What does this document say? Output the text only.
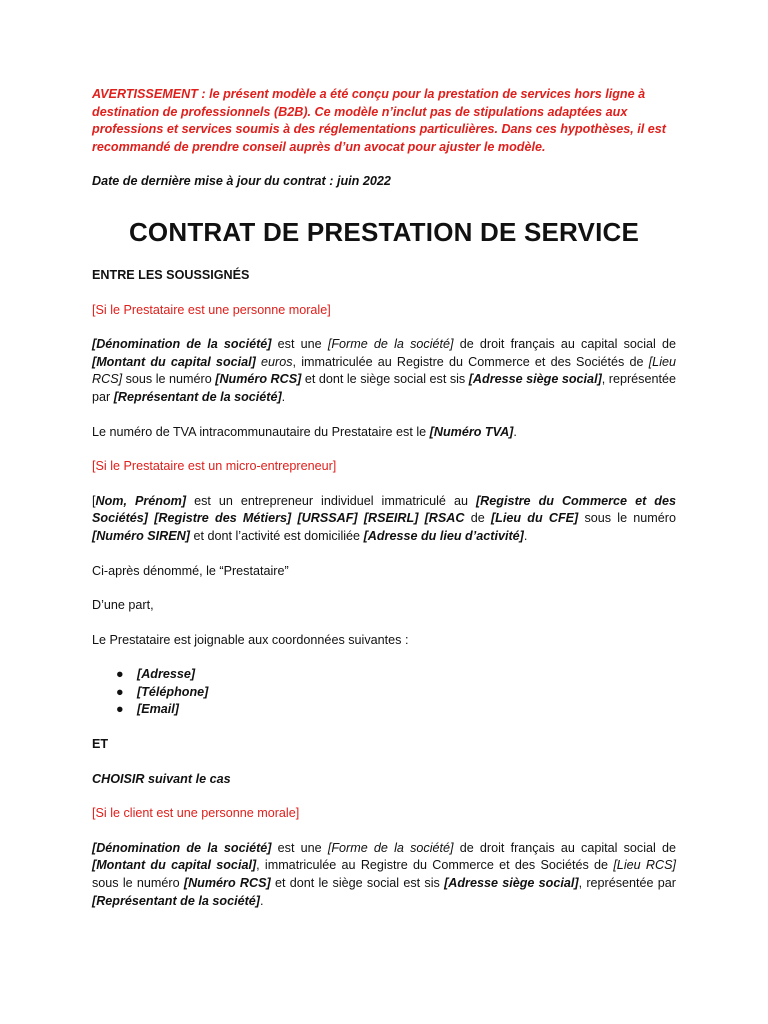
AVERTISSEMENT : le présent modèle a été conçu pour la prestation de services hors ligne à destination de professionnels (B2B). Ce modèle n’inclut pas de stipulations adaptées aux professions et services soumis à des réglementations particulières. Dans ces hypothèses, il est recommandé de prendre conseil auprès d’un avocat pour ajuster le modèle.

Date de dernière mise à jour du contrat : juin 2022

CONTRAT DE PRESTATION DE SERVICE

ENTRE LES SOUSSIGNÉS

[Si le Prestataire est une personne morale]

[Dénomination de la société] est une [Forme de la société] de droit français au capital social de [Montant du capital social] euros, immatriculée au Registre du Commerce et des Sociétés de [Lieu RCS] sous le numéro [Numéro RCS] et dont le siège social est sis [Adresse siège social], représentée par [Représentant de la société].

Le numéro de TVA intracommunautaire du Prestataire est le [Numéro TVA].

[Si le Prestataire est un micro-entrepreneur]

[Nom, Prénom] est un entrepreneur individuel immatriculé au [Registre du Commerce et des Sociétés] [Registre des Métiers] [URSSAF] [RSEIRL] [RSAC de [Lieu du CFE] sous le numéro [Numéro SIREN] et dont l’activité est domiciliée [Adresse du lieu d’activité].

Ci-après dénommé, le “Prestataire”

D’une part,

Le Prestataire est joignable aux coordonnées suivantes :

● [Adresse]
● [Téléphone]
● [Email]

ET

CHOISIR suivant le cas

[Si le client est une personne morale]

[Dénomination de la société] est une [Forme de la société] de droit français au capital social de [Montant du capital social], immatriculée au Registre du Commerce et des Sociétés de [Lieu RCS] sous le numéro [Numéro RCS] et dont le siège social est sis [Adresse siège social], représentée par [Représentant de la société].
